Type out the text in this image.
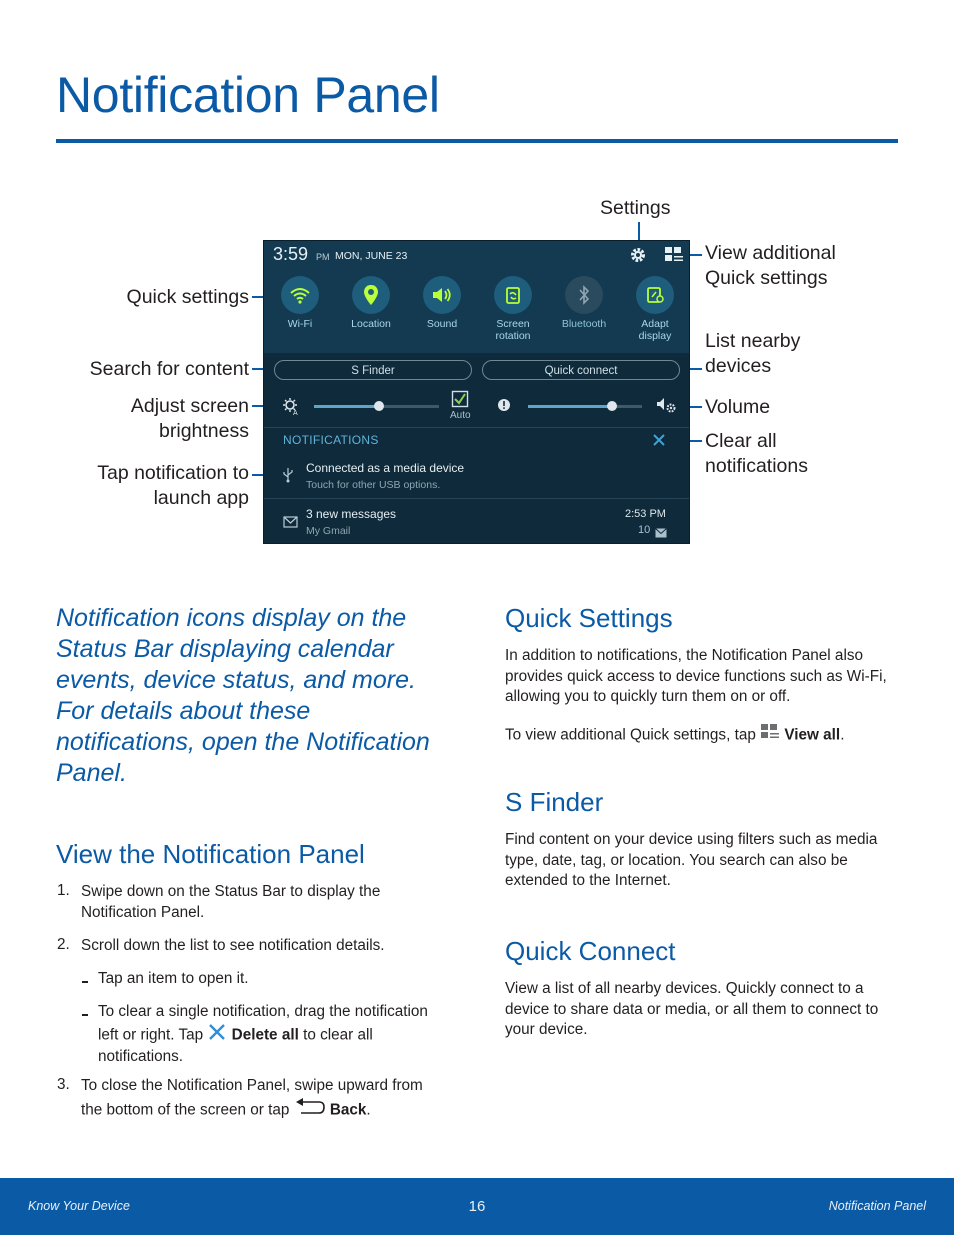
Notification Panel
Settings
View additional
Quick settings
Quick settings
List nearby
devices
Search for content
Adjust screen
brightness
Volume
Clear all
notifications
Tap notification to
launch app
3:59 PM MON, JUNE 23
Wi-Fi	Location	Sound	Screen rotation
Bluetooth	Adapt display
S Finder	Quick connect
A	Auto
NOTIFICATIONS
Connected as a media device
Touch for other USB options.
3 new messages
My Gmail
2:53 PM
10
Notification icons display on the Status Bar displaying calendar events, device status, and more. For details about these notifications, open the Notification Panel.
View the Notification Panel
1. Swipe down on the Status Bar to display the Notification Panel.
2. Scroll down the list to see notification details.
Tap an item to open it.
To clear a single notification, drag the notification left or right. Tap Delete all to clear all notifications.
3. To close the Notification Panel, swipe upward from the bottom of the screen or tap	Back.
Quick Settings
In addition to notifications, the Notification Panel also provides quick access to device functions such as Wi-Fi, allowing you to quickly turn them on or off.
To view additional Quick settings, tap View all.
S Finder
Find content on your device using filters such as media type, date, tag, or location. You search can also be extended to the Internet.
Quick Connect
View a list of all nearby devices. Quickly connect to a device to share data or media, or all them to connect to your device.
Know Your Device	16	Notification Panel
